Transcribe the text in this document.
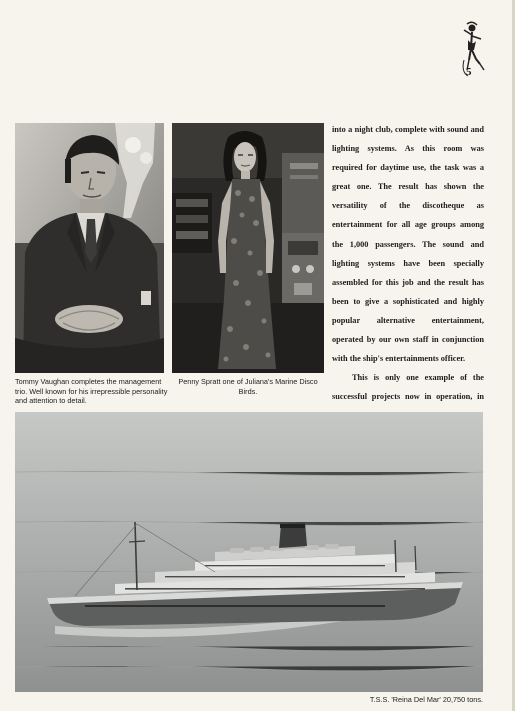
5
Tommy Vaughan completes the management trio. Well known for his irrepressible personality and attention to detail.
Penny Spratt one of Juliana's Marine Disco Birds.

into a night club, complete with sound and lighting systems. As this room was required for daytime use, the task was a great one. The result has shown the versatility of the discotheque as entertainment for all age groups among the 1,000 passengers. The sound and lighting systems have been specially assembled for this job and the result has been to give a sophisticated and highly popular alternative entertainment, operated by our own staff in conjunction with the ship's entertainments officer.

This is only one example of the successful projects now in operation, in

T.S.S. 'Reina Del Mar' 20,750 tons.
